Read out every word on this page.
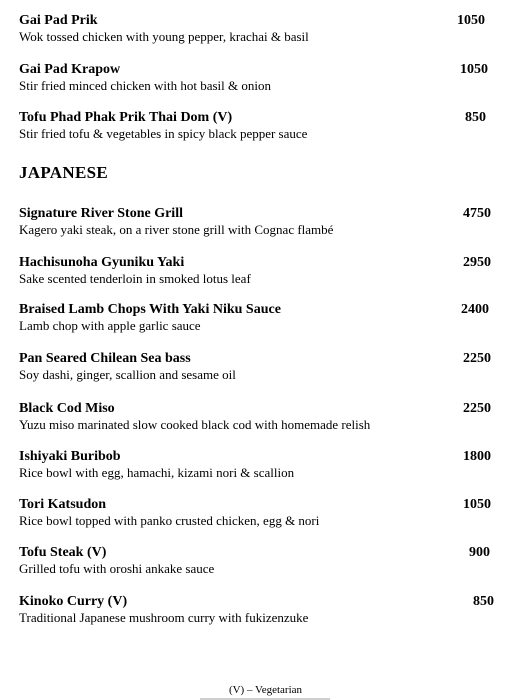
Gai Pad Prik	1050
Wok tossed chicken with young pepper, krachai & basil
Gai Pad Krapow	1050
Stir fried minced chicken with hot basil & onion
Tofu Phad Phak Prik Thai Dom (V)	850
Stir fried tofu & vegetables in spicy black pepper sauce
JAPANESE
Signature River Stone Grill	4750
Kagero yaki steak, on a river stone grill with Cognac flambé
Hachisunoha Gyuniku Yaki	2950
Sake scented tenderloin in smoked lotus leaf
Braised Lamb Chops With Yaki Niku Sauce	2400
Lamb chop with apple garlic sauce
Pan Seared Chilean Sea bass	2250
Soy dashi, ginger, scallion and sesame oil
Black Cod Miso	2250
Yuzu miso marinated slow cooked black cod with homemade relish
Ishiyaki Buribob	1800
Rice bowl with egg, hamachi, kizami nori & scallion
Tori Katsudon	1050
Rice bowl topped with panko crusted chicken, egg & nori
Tofu Steak (V)	900
Grilled tofu with oroshi ankake sauce
Kinoko Curry (V)	850
Traditional Japanese mushroom curry with fukizenzuke
(V) – Vegetarian
